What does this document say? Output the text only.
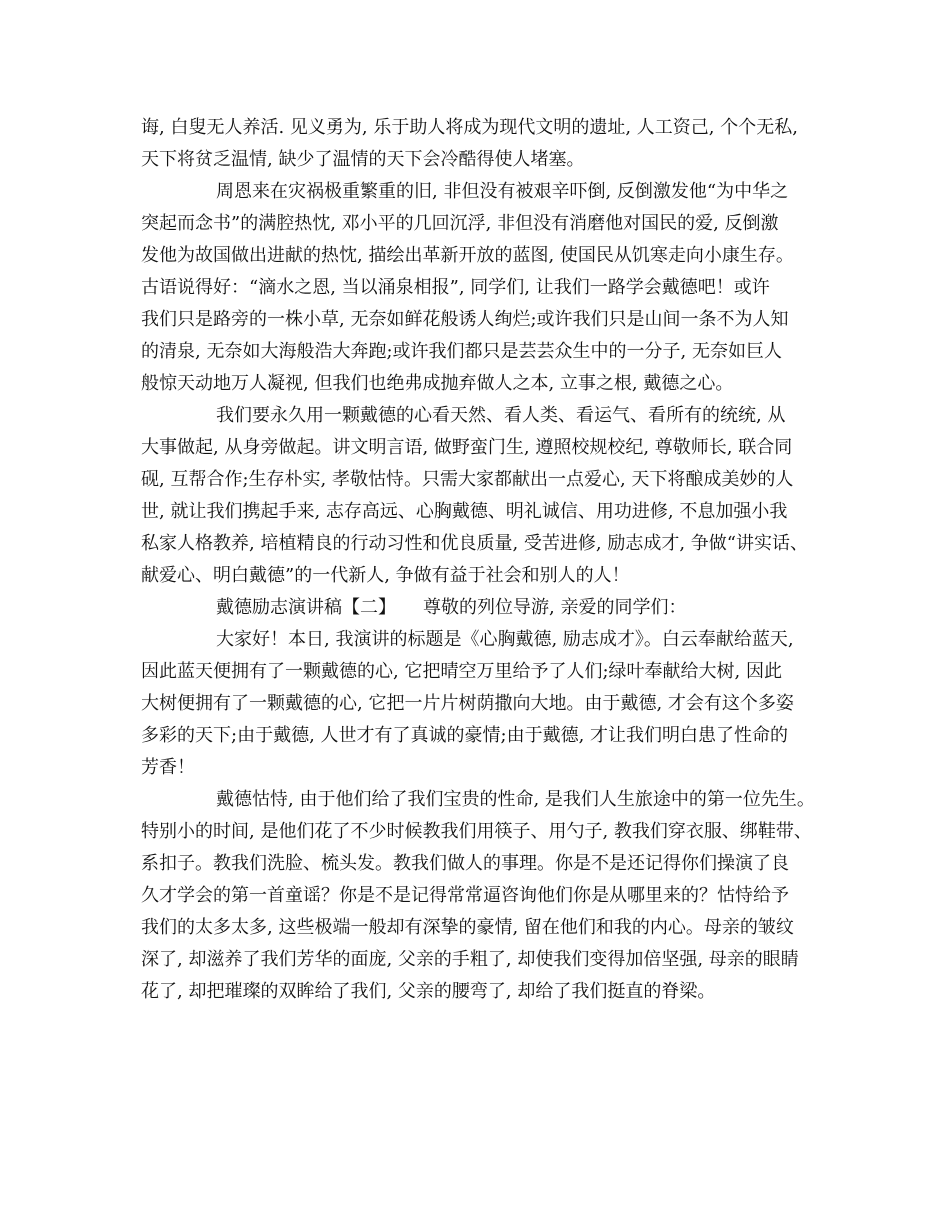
诲, 白叟无人养活. 见义勇为, 乐于助人将成为现代文明的遗址, 人工资己, 个个无私,
天下将贫乏温情, 缺少了温情的天下会冷酷得使人堵塞。
周恩来在灾祸极重繁重的旧, 非但没有被艰辛吓倒, 反倒激发他“为中华之
突起而念书”的满腔热忱, 邓小平的几回沉浮, 非但没有消磨他对国民的爱, 反倒激
发他为故国做出进献的热忱, 描绘出革新开放的蓝图, 使国民从饥寒走向小康生存。
古语说得好：“滴水之恩, 当以涌泉相报”, 同学们, 让我们一路学会戴德吧！或许
我们只是路旁的一株小草, 无奈如鲜花般诱人绚烂;或许我们只是山间一条不为人知
的清泉, 无奈如大海般浩大奔跑;或许我们都只是芸芸众生中的一分子, 无奈如巨人
般惊天动地万人凝视, 但我们也绝弗成抛弃做人之本, 立事之根, 戴德之心。
我们要永久用一颗戴德的心看天然、看人类、看运气、看所有的统统, 从
大事做起, 从身旁做起。讲文明言语, 做野蛮门生, 遵照校规校纪, 尊敬师长, 联合同
砚, 互帮合作;生存朴实, 孝敬怙恃。只需大家都献出一点爱心, 天下将酿成美妙的人
世, 就让我们携起手来, 志存高远、心胸戴德、明礼诚信、用功进修, 不息加强小我
私家人格教养, 培植精良的行动习性和优良质量, 受苦进修, 励志成才, 争做“讲实话、
献爱心、明白戴德”的一代新人, 争做有益于社会和别人的人！
戴德励志演讲稿【二】　　尊敬的列位导游, 亲爱的同学们：
大家好！本日, 我演讲的标题是《心胸戴德, 励志成才》。白云奉献给蓝天,
因此蓝天便拥有了一颗戴德的心, 它把晴空万里给予了人们;绿叶奉献给大树, 因此
大树便拥有了一颗戴德的心, 它把一片片树荫撒向大地。由于戴德, 才会有这个多姿
多彩的天下;由于戴德, 人世才有了真诚的豪情;由于戴德, 才让我们明白患了性命的
芳香！
戴德怙恃, 由于他们给了我们宝贵的性命, 是我们人生旅途中的第一位先生。
特别小的时间, 是他们花了不少时候教我们用筷子、用勺子, 教我们穿衣服、绑鞋带、
系扣子。教我们洗脸、梳头发。教我们做人的事理。你是不是还记得你们操演了良
久才学会的第一首童谣？你是不是记得常常逼咨询他们你是从哪里来的？怙恃给予
我们的太多太多, 这些极端一般却有深挚的豪情, 留在他们和我的内心。母亲的皱纹
深了, 却滋养了我们芳华的面庞, 父亲的手粗了, 却使我们变得加倍坚强, 母亲的眼睛
花了, 却把璀璨的双眸给了我们, 父亲的腰弯了, 却给了我们挺直的脊梁。
